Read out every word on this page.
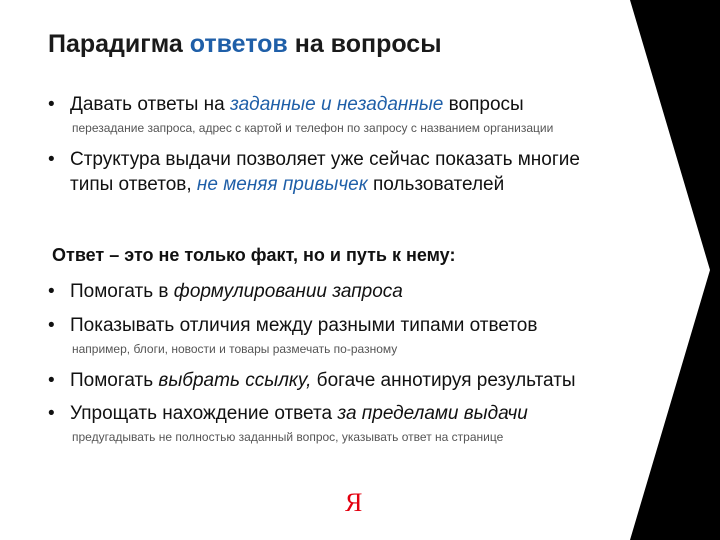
Парадигма ответов на вопросы
• Давать ответы на заданные и незаданные вопросы
перезадание запроса, адрес с картой и телефон по запросу с названием организации
• Структура выдачи позволяет уже сейчас показать многие
типы ответов, не меняя привычек пользователей
Ответ – это не только факт, но и путь к нему:
• Помогать в формулировании запроса
• Показывать отличия между разными типами ответов
например, блоги, новости и товары размечать по-разному
• Помогать выбрать ссылку, богаче аннотируя результаты
• Упрощать нахождение ответа за пределами выдачи
предугадывать не полностью заданный вопрос, указывать ответ на странице
Я
